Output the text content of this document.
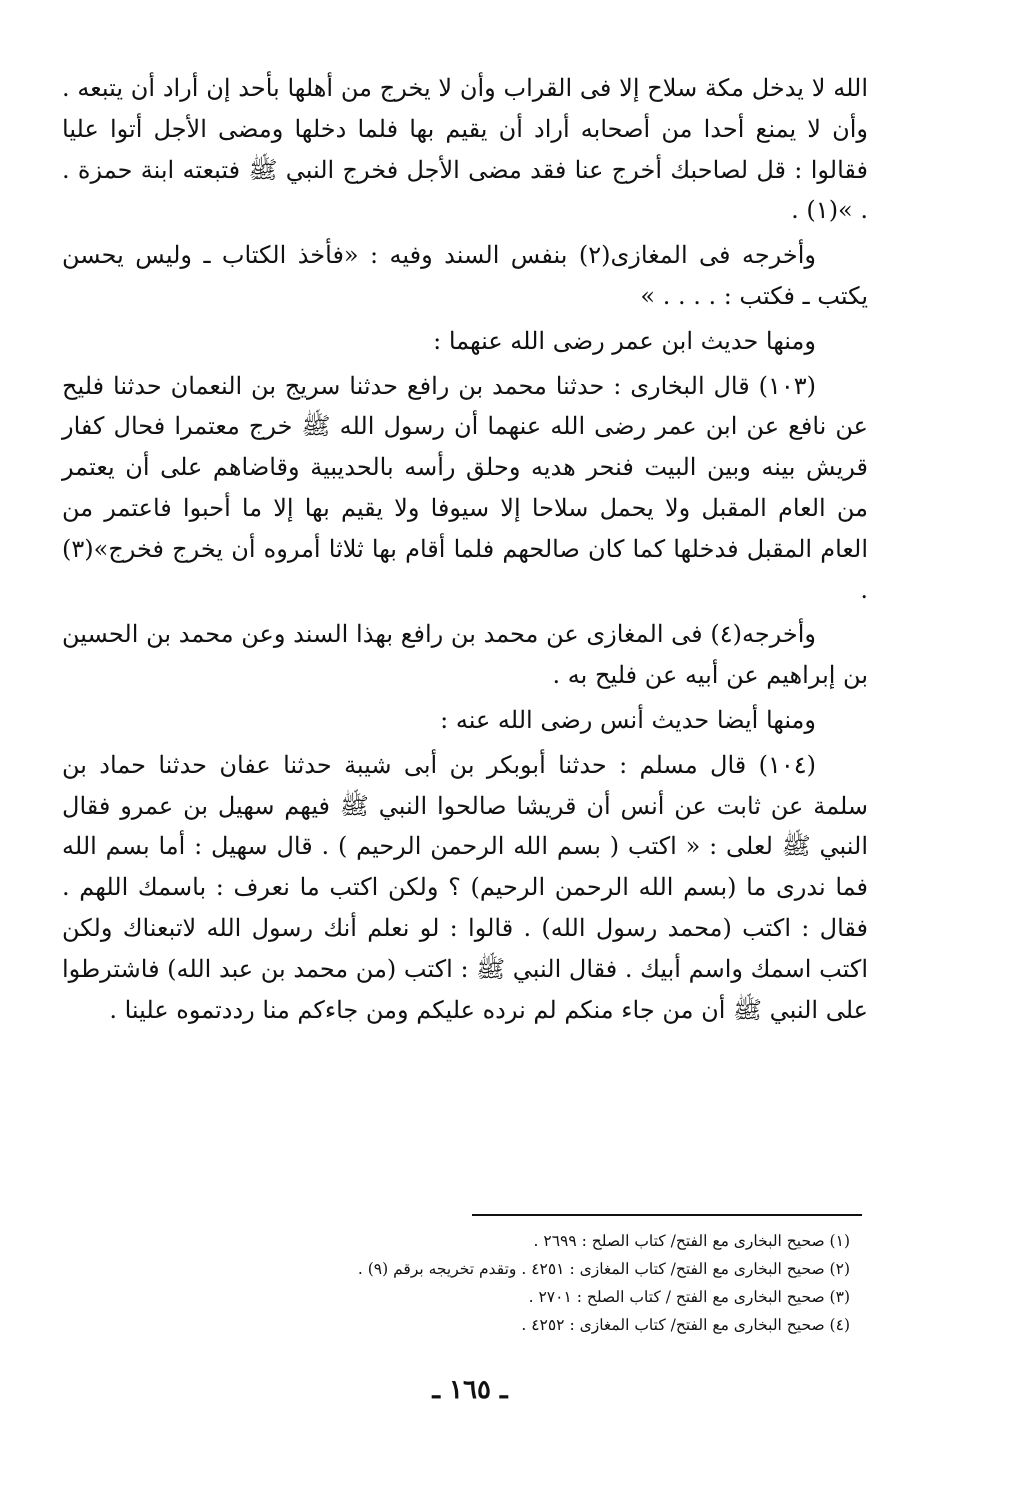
الله لا يدخل مكة سلاح إلا فى القراب وأن لا يخرج من أهلها بأحد إن أراد أن يتبعه . وأن لا يمنع أحدا من أصحابه أراد أن يقيم بها فلما دخلها ومضى الأجل أتوا عليا فقالوا : قل لصاحبك أخرج عنا فقد مضى الأجل فخرج النبي ﷺ فتبعته ابنة حمزة . . »(١) .

وأخرجه فى المغازى(٢) بنفس السند وفيه : «فأخذ الكتاب ـ وليس يحسن يكتب ـ فكتب : . . . . »

ومنها حديث ابن عمر رضى الله عنهما :

(١٠٣) قال البخارى : حدثنا محمد بن رافع حدثنا سريج بن النعمان حدثنا فليح عن نافع عن ابن عمر رضى الله عنهما أن رسول الله ﷺ خرج معتمرا فحال كفار قريش بينه وبين البيت فنحر هديه وحلق رأسه بالحديبية وقاضاهم على أن يعتمر من العام المقبل ولا يحمل سلاحا إلا سيوفا ولا يقيم بها إلا ما أحبوا فاعتمر من العام المقبل فدخلها كما كان صالحهم فلما أقام بها ثلاثا أمروه أن يخرج فخرج»(٣) .

وأخرجه(٤) فى المغازى عن محمد بن رافع بهذا السند وعن محمد بن الحسين بن إبراهيم عن أبيه عن فليح به .

ومنها أيضا حديث أنس رضى الله عنه :

(١٠٤) قال مسلم : حدثنا أبوبكر بن أبى شيبة حدثنا عفان حدثنا حماد بن سلمة عن ثابت عن أنس أن قريشا صالحوا النبي ﷺ فيهم سهيل بن عمرو فقال النبي ﷺ لعلى : « اكتب ( بسم الله الرحمن الرحيم ) . قال سهيل : أما بسم الله فما ندرى ما (بسم الله الرحمن الرحيم) ؟ ولكن اكتب ما نعرف : باسمك اللهم . فقال : اكتب (محمد رسول الله) . قالوا : لو نعلم أنك رسول الله لاتبعناك ولكن اكتب اسمك واسم أبيك . فقال النبي ﷺ : اكتب (من محمد بن عبد الله) فاشترطوا على النبي ﷺ أن من جاء منكم لم نرده عليكم ومن جاءكم منا رددتموه علينا .

(١) صحيح البخارى مع الفتح/ كتاب الصلح : ٢٦٩٩ .

(٢) صحيح البخارى مع الفتح/ كتاب المغازى : ٤٢٥١ . وتقدم تخريجه برقم (٩) .

(٣) صحيح البخارى مع الفتح / كتاب الصلح : ٢٧٠١ .

(٤) صحيح البخارى مع الفتح/ كتاب المغازى : ٤٢٥٢ .

ـ ١٦٥ ـ
